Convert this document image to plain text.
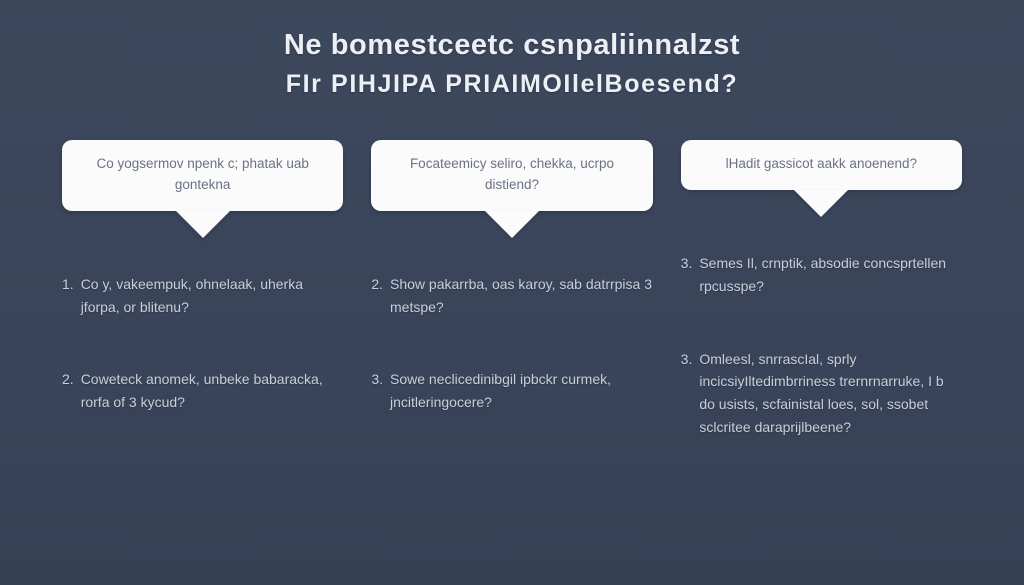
Ne bomestceetc csnpaliinnalzst
FIr PIHJIPA PRIAIMOIlelBoesend?
Co yogsermov npenk c; phatak uab gontekna
1. Co y, vakeempuk, ohnelaak, uherka jforpa, or blitenu?
2. Coweteck anomek, unbeke babaracka, rorfa of 3 kycud?
Focateemicy seliro, chekka, ucrpo distiend?
2. Show pakarrba, oas karoy, sab datrrpisa 3 metspe?
3. Sowe neclicedinibgil ipbckr curmek, jncitleringocere?
lHadit gassicot aakk anoenend?
3. Semes Il, crnptik, absodie concsprtellen rpcusspe?
3. Omleesl, snrrascIal, sprly incicsiyIltedimbrriness trernrnarruke, I b do usists, scfainistal loes, sol, ssobet sclcritee daraprijlbeene?
